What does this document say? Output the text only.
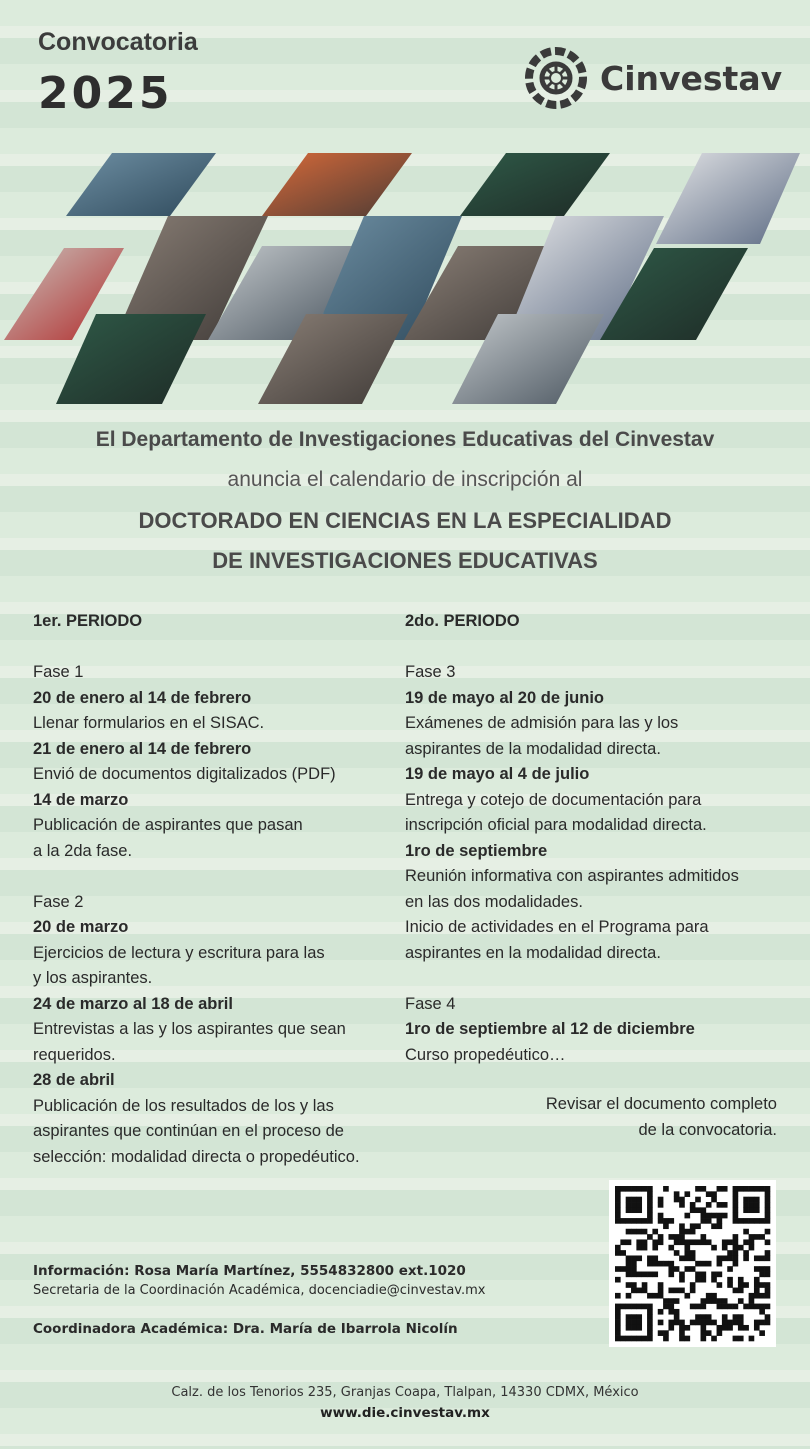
Convocatoria
2025	Cinvestav
El Departamento de Investigaciones Educativas del Cinvestav
anuncia el calendario de inscripción al
DOCTORADO EN CIENCIAS EN LA ESPECIALIDAD
DE INVESTIGACIONES EDUCATIVAS
1er. PERIODO
Fase 1
20 de enero al 14 de febrero
Llenar formularios en el SISAC.
21 de enero al 14 de febrero
Envió de documentos digitalizados (PDF)
14 de marzo
Publicación de aspirantes que pasan
a la 2da fase.
Fase 2
20 de marzo
Ejercicios de lectura y escritura para las
y los aspirantes.
24 de marzo al 18 de abril
Entrevistas a las y los aspirantes que sean
requeridos.
28 de abril
Publicación de los resultados de los y las
aspirantes que continúan en el proceso de
selección: modalidad directa o propedéutico.
2do. PERIODO
Fase 3
19 de mayo al 20 de junio
Exámenes de admisión para las y los
aspirantes de la modalidad directa.
19 de mayo al 4 de julio
Entrega y cotejo de documentación para
inscripción oficial para modalidad directa.
1ro de septiembre
Reunión informativa con aspirantes admitidos
en las dos modalidades.
Inicio de actividades en el Programa para
aspirantes en la modalidad directa.
Fase 4
1ro de septiembre al 12 de diciembre
Curso propedéutico…
Revisar el documento completo
de la convocatoria.
Información: Rosa María Martínez, 5554832800 ext.1020
Secretaria de la Coordinación Académica, docenciadie@cinvestav.mx
Coordinadora Académica: Dra. María de Ibarrola Nicolín
Calz. de los Tenorios 235, Granjas Coapa, Tlalpan, 14330 CDMX, México
www.die.cinvestav.mx
